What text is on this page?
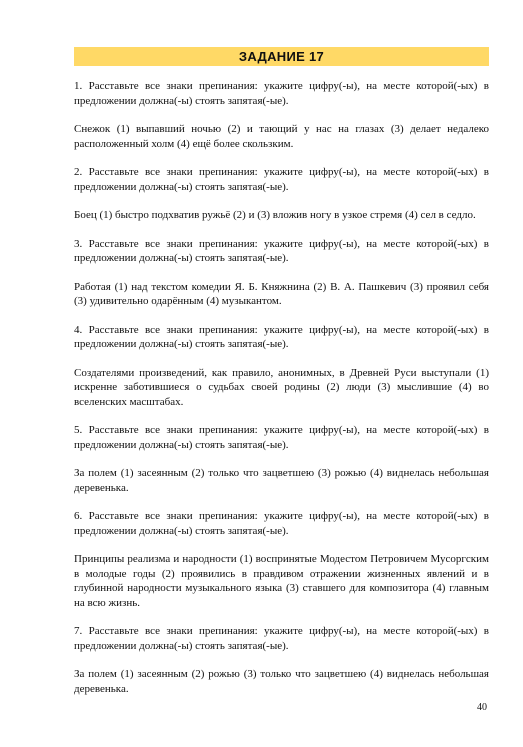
ЗАДАНИЕ 17

1. Расставьте все знаки препинания: укажите цифру(-ы), на месте которой(-ых) в предложении должна(-ы) стоять запятая(-ые).

Снежок (1) выпавший ночью (2) и тающий у нас на глазах (3) делает недалеко расположенный холм (4) ещё более скользким.

2. Расставьте все знаки препинания: укажите цифру(-ы), на месте которой(-ых) в предложении должна(-ы) стоять запятая(-ые).

Боец (1) быстро подхватив ружьё (2) и (3) вложив ногу в узкое стремя (4) сел в седло.

3. Расставьте все знаки препинания: укажите цифру(-ы), на месте которой(-ых) в предложении должна(-ы) стоять запятая(-ые).

Работая (1) над текстом комедии Я. Б. Княжнина (2) В. А. Пашкевич (3) проявил себя (3) удивительно одарённым (4) музыкантом.

4. Расставьте все знаки препинания: укажите цифру(-ы), на месте которой(-ых) в предложении должна(-ы) стоять запятая(-ые).

Создателями произведений, как правило, анонимных, в Древней Руси выступали (1) искренне заботившиеся о судьбах своей родины (2) люди (3) мыслившие (4) во вселенских масштабах.

5. Расставьте все знаки препинания: укажите цифру(-ы), на месте которой(-ых) в предложении должна(-ы) стоять запятая(-ые).

За полем (1) засеянным (2) только что зацветшею (3) рожью (4) виднелась небольшая деревенька.

6. Расставьте все знаки препинания: укажите цифру(-ы), на месте которой(-ых) в предложении должна(-ы) стоять запятая(-ые).

Принципы реализма и народности (1) воспринятые Модестом Петровичем Мусоргским в молодые годы (2) проявились в правдивом отражении жизненных явлений и в глубинной народности музыкального языка (3) ставшего для композитора (4) главным на всю жизнь.

7. Расставьте все знаки препинания: укажите цифру(-ы), на месте которой(-ых) в предложении должна(-ы) стоять запятая(-ые).

За полем (1) засеянным (2) рожью (3) только что зацветшею (4) виднелась небольшая деревенька.

40
